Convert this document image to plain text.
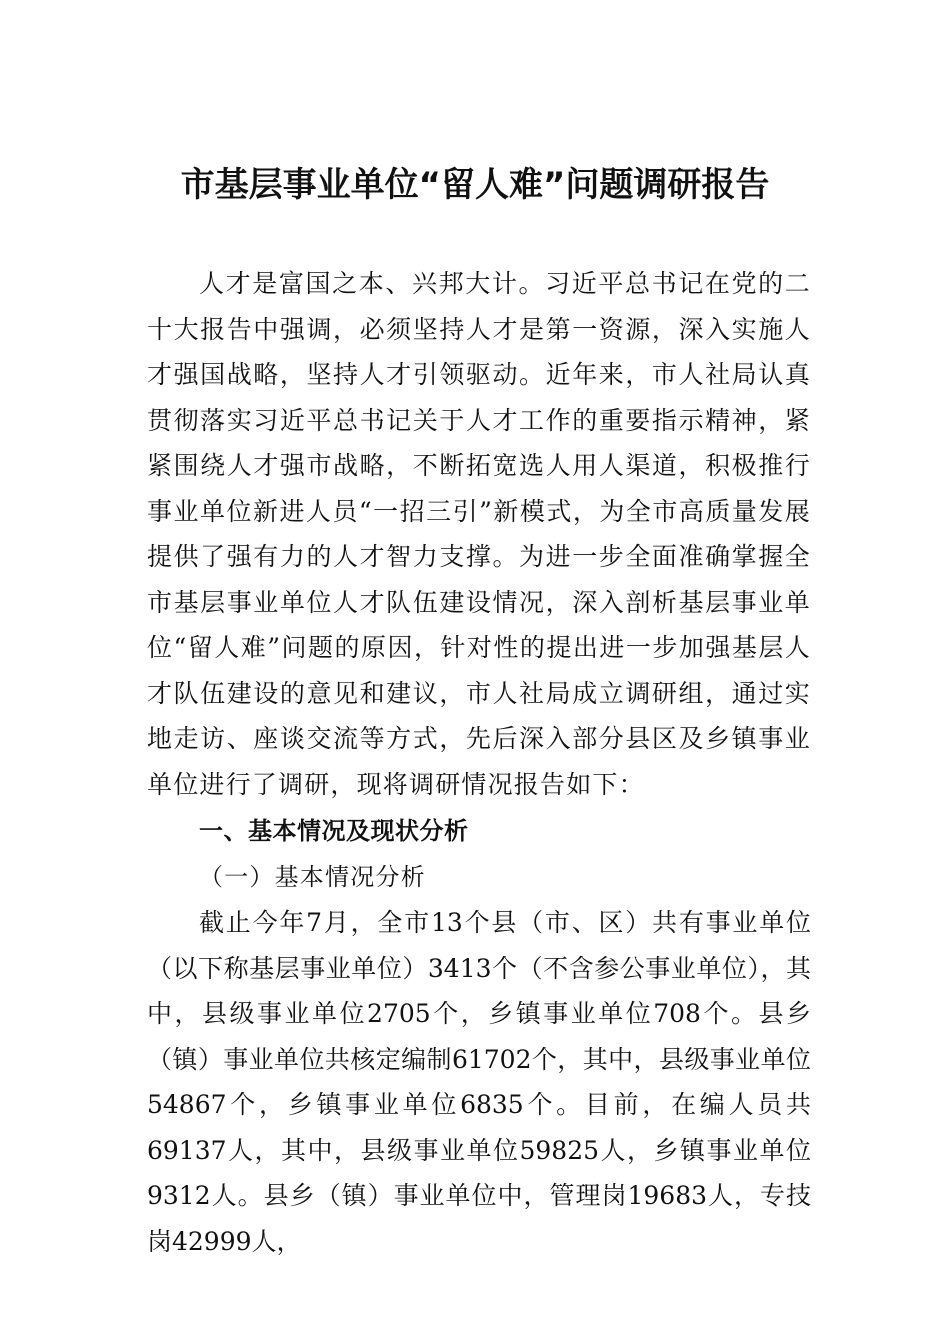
市基层事业单位“留人难”问题调研报告

人才是富国之本、兴邦大计。习近平总书记在党的二十大报告中强调，必须坚持人才是第一资源，深入实施人才强国战略，坚持人才引领驱动。近年来，市人社局认真贯彻落实习近平总书记关于人才工作的重要指示精神，紧紧围绕人才强市战略，不断拓宽选人用人渠道，积极推行事业单位新进人员“一招三引”新模式，为全市高质量发展提供了强有力的人才智力支撑。为进一步全面准确掌握全市基层事业单位人才队伍建设情况，深入剖析基层事业单位“留人难”问题的原因，针对性的提出进一步加强基层人才队伍建设的意见和建议，市人社局成立调研组，通过实地走访、座谈交流等方式，先后深入部分县区及乡镇事业单位进行了调研，现将调研情况报告如下：

一、基本情况及现状分析

（一）基本情况分析

截止今年7月，全市13个县（市、区）共有事业单位（以下称基层事业单位）3413个（不含参公事业单位），其中，县级事业单位2705个，乡镇事业单位708个。县乡（镇）事业单位共核定编制61702个，其中，县级事业单位54867个，乡镇事业单位6835个。目前，在编人员共69137人，其中，县级事业单位59825人，乡镇事业单位9312人。县乡（镇）事业单位中，管理岗19683人，专技岗42999人，
